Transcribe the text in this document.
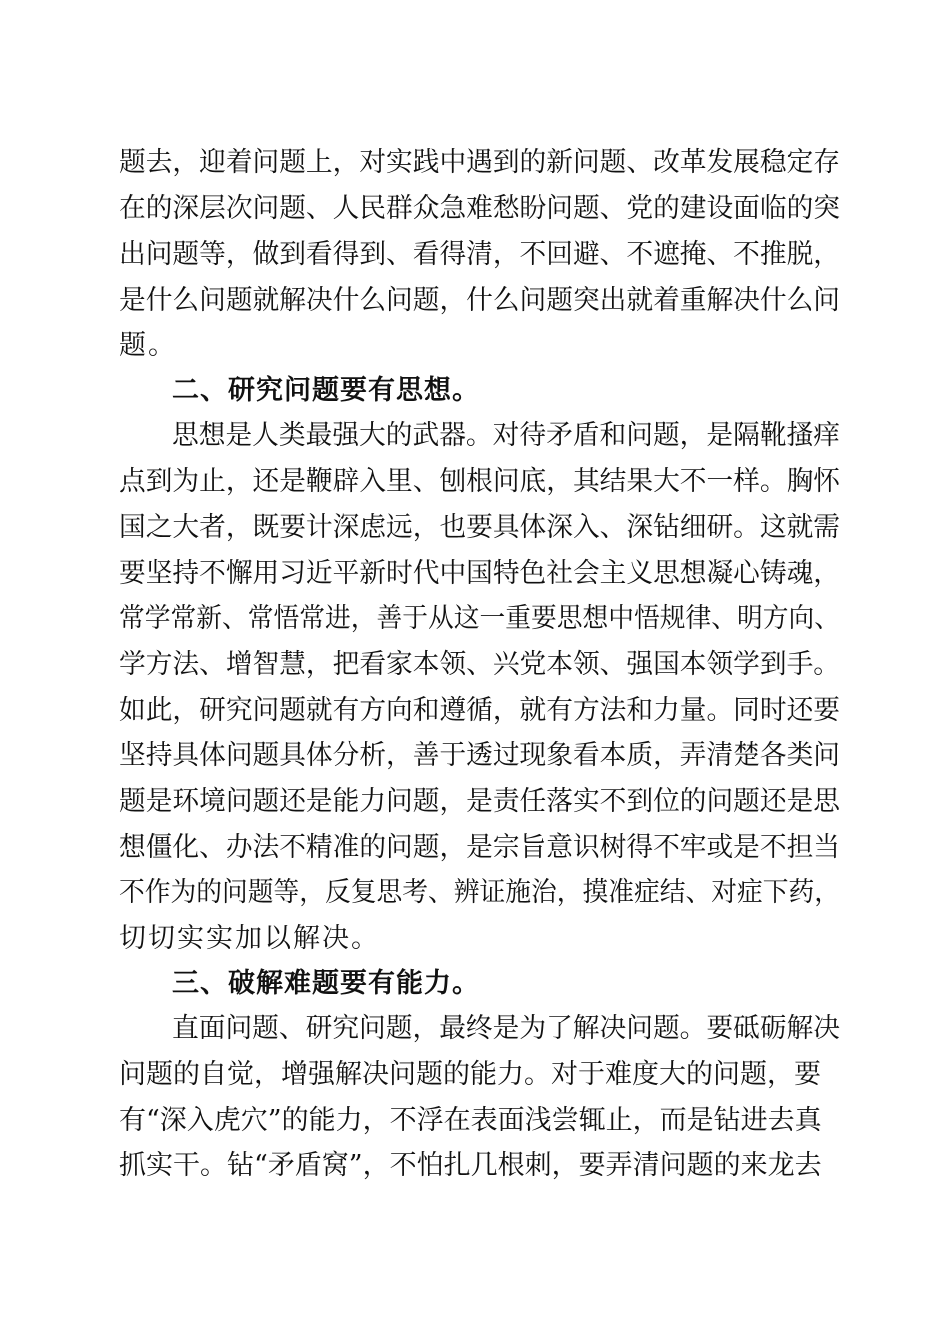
题去，迎着问题上，对实践中遇到的新问题、改革发展稳定存
在的深层次问题、人民群众急难愁盼问题、党的建设面临的突
出问题等，做到看得到、看得清，不回避、不遮掩、不推脱，
是什么问题就解决什么问题，什么问题突出就着重解决什么问
题。
二、研究问题要有思想。
思想是人类最强大的武器。对待矛盾和问题，是隔靴搔痒
点到为止，还是鞭辟入里、刨根问底，其结果大不一样。胸怀
国之大者，既要计深虑远，也要具体深入、深钻细研。这就需
要坚持不懈用习近平新时代中国特色社会主义思想凝心铸魂，
常学常新、常悟常进，善于从这一重要思想中悟规律、明方向、
学方法、增智慧，把看家本领、兴党本领、强国本领学到手。
如此，研究问题就有方向和遵循，就有方法和力量。同时还要
坚持具体问题具体分析，善于透过现象看本质，弄清楚各类问
题是环境问题还是能力问题，是责任落实不到位的问题还是思
想僵化、办法不精准的问题，是宗旨意识树得不牢或是不担当
不作为的问题等，反复思考、辨证施治，摸准症结、对症下药，
切切实实加以解决。
三、破解难题要有能力。
直面问题、研究问题，最终是为了解决问题。要砥砺解决
问题的自觉，增强解决问题的能力。对于难度大的问题，要
有“深入虎穴”的能力，不浮在表面浅尝辄止，而是钻进去真
抓实干。钻“矛盾窝”，不怕扎几根刺，要弄清问题的来龙去
